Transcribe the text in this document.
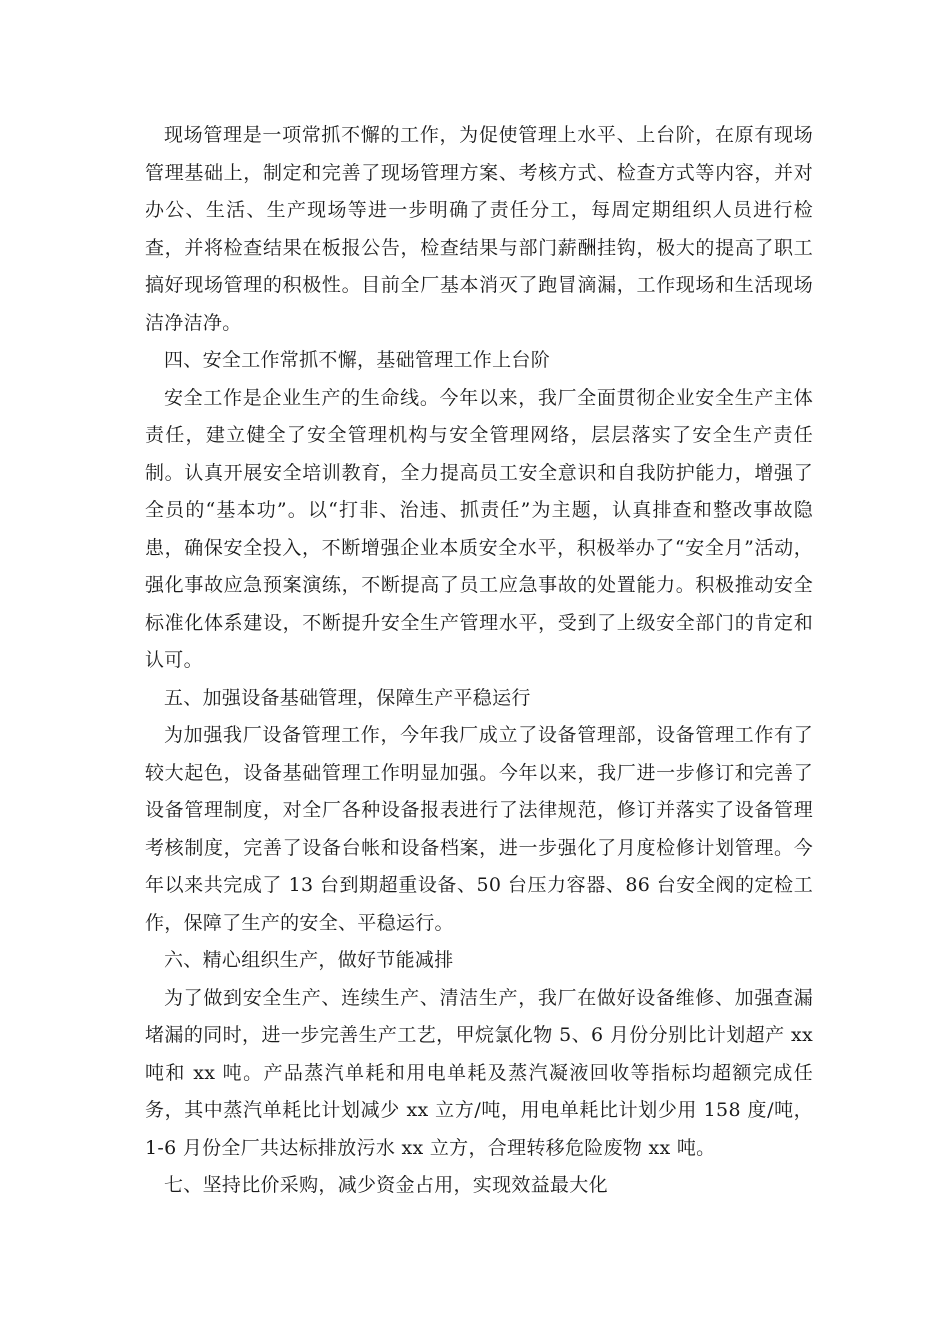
现场管理是一项常抓不懈的工作，为促使管理上水平、上台阶，在原有现场管理基础上，制定和完善了现场管理方案、考核方式、检查方式等内容，并对办公、生活、生产现场等进一步明确了责任分工，每周定期组织人员进行检查，并将检查结果在板报公告，检查结果与部门薪酬挂钩，极大的提高了职工搞好现场管理的积极性。目前全厂基本消灭了跑冒滴漏，工作现场和生活现场洁净洁净。

四、安全工作常抓不懈，基础管理工作上台阶

安全工作是企业生产的生命线。今年以来，我厂全面贯彻企业安全生产主体责任，建立健全了安全管理机构与安全管理网络，层层落实了安全生产责任制。认真开展安全培训教育，全力提高员工安全意识和自我防护能力，增强了全员的“基本功”。以“打非、治违、抓责任”为主题，认真排查和整改事故隐患，确保安全投入，不断增强企业本质安全水平，积极举办了“安全月”活动，强化事故应急预案演练，不断提高了员工应急事故的处置能力。积极推动安全标准化体系建设，不断提升安全生产管理水平，受到了上级安全部门的肯定和认可。

五、加强设备基础管理，保障生产平稳运行

为加强我厂设备管理工作，今年我厂成立了设备管理部，设备管理工作有了较大起色，设备基础管理工作明显加强。今年以来，我厂进一步修订和完善了设备管理制度，对全厂各种设备报表进行了法律规范，修订并落实了设备管理考核制度，完善了设备台帐和设备档案，进一步强化了月度检修计划管理。今年以来共完成了 13 台到期超重设备、50 台压力容器、86 台安全阀的定检工作，保障了生产的安全、平稳运行。

六、精心组织生产，做好节能减排

为了做到安全生产、连续生产、清洁生产，我厂在做好设备维修、加强查漏堵漏的同时，进一步完善生产工艺，甲烷氯化物 5、6 月份分别比计划超产 xx 吨和 xx 吨。产品蒸汽单耗和用电单耗及蒸汽凝液回收等指标均超额完成任务，其中蒸汽单耗比计划减少 xx 立方/吨，用电单耗比计划少用 158 度/吨，1-6 月份全厂共达标排放污水 xx 立方，合理转移危险废物 xx 吨。

七、坚持比价采购，减少资金占用，实现效益最大化
